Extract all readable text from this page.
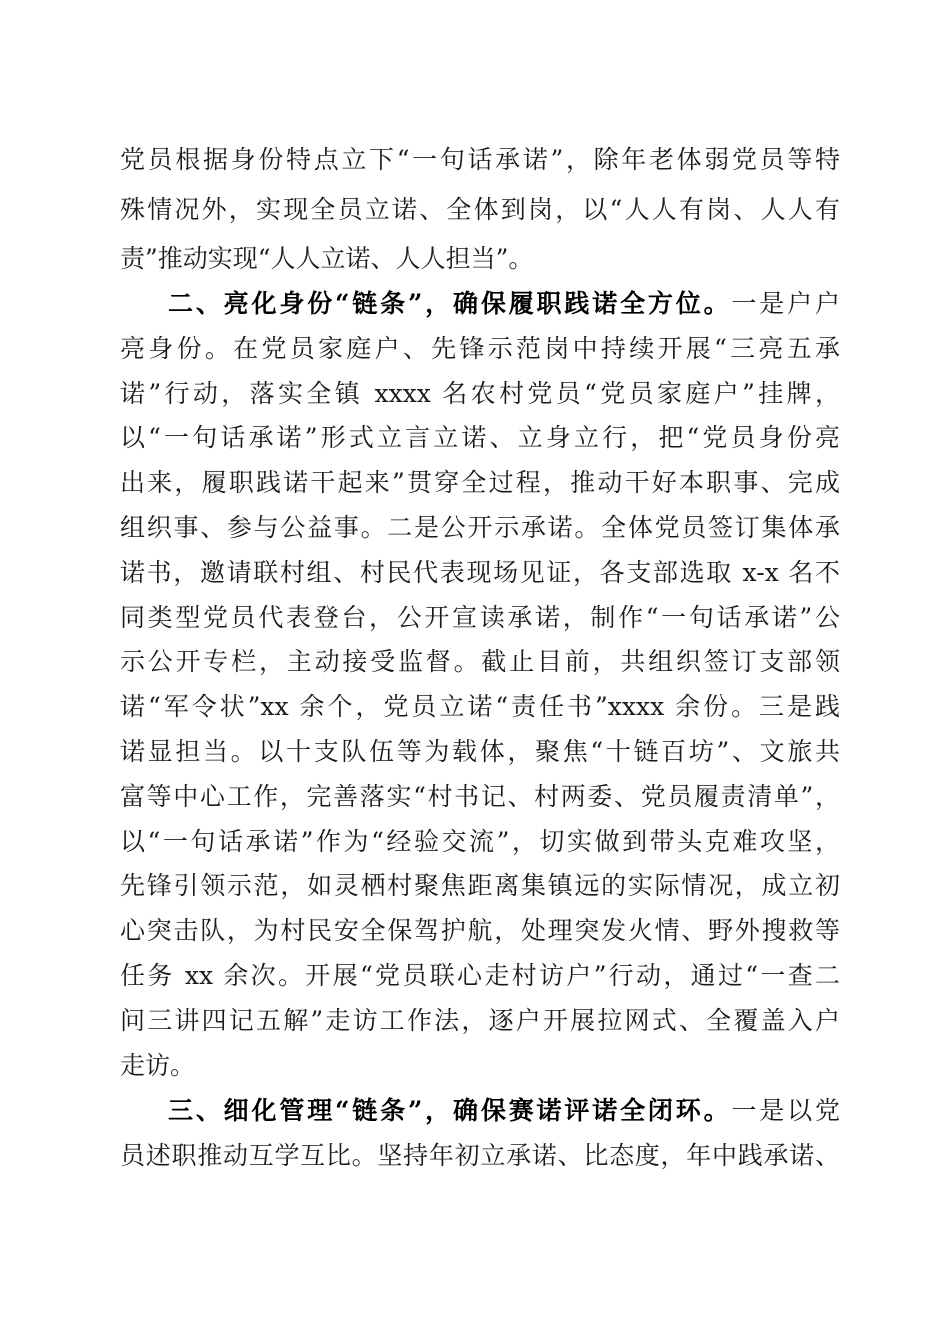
党员根据身份特点立下“一句话承诺”，除年老体弱党员等特
殊情况外，实现全员立诺、全体到岗，以“人人有岗、人人有
责”推动实现“人人立诺、人人担当”。
二、亮化身份“链条”，确保履职践诺全方位。一是户户
亮身份。在党员家庭户、先锋示范岗中持续开展“三亮五承
诺”行动，落实全镇 xxxx 名农村党员“党员家庭户”挂牌，
以“一句话承诺”形式立言立诺、立身立行，把“党员身份亮
出来，履职践诺干起来”贯穿全过程，推动干好本职事、完成
组织事、参与公益事。二是公开示承诺。全体党员签订集体承
诺书，邀请联村组、村民代表现场见证，各支部选取 x-x 名不
同类型党员代表登台，公开宣读承诺，制作“一句话承诺”公
示公开专栏，主动接受监督。截止目前，共组织签订支部领
诺“军令状”xx 余个，党员立诺“责任书”xxxx 余份。三是践
诺显担当。以十支队伍等为载体，聚焦“十链百坊”、文旅共
富等中心工作，完善落实“村书记、村两委、党员履责清单”，
以“一句话承诺”作为“经验交流”，切实做到带头克难攻坚，
先锋引领示范，如灵栖村聚焦距离集镇远的实际情况，成立初
心突击队，为村民安全保驾护航，处理突发火情、野外搜救等
任务 xx 余次。开展“党员联心走村访户”行动，通过“一查二
问三讲四记五解”走访工作法，逐户开展拉网式、全覆盖入户
走访。
三、细化管理“链条”，确保赛诺评诺全闭环。一是以党
员述职推动互学互比。坚持年初立承诺、比态度，年中践承诺、
